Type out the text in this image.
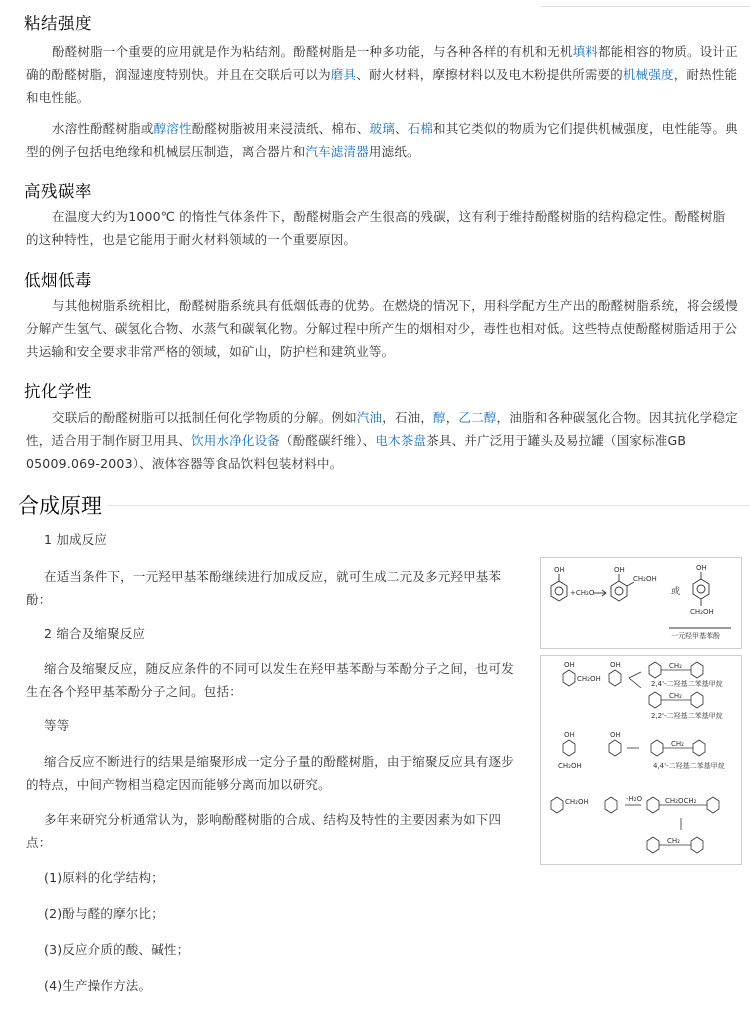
粘结强度
酚醛树脂一个重要的应用就是作为粘结剂。酚醛树脂是一种多功能，与各种各样的有机和无机填料都能相容的物质。设计正确的酚醛树脂，润湿速度特别快。并且在交联后可以为磨具、耐火材料，摩擦材料以及电木粉提供所需要的机械强度，耐热性能和电性能。
水溶性酚醛树脂或醇溶性酚醛树脂被用来浸渍纸、棉布、玻璃、石棉和其它类似的物质为它们提供机械强度，电性能等。典型的例子包括电绝缘和机械层压制造，离合器片和汽车滤清器用滤纸。
高残碳率
在温度大约为1000℃ 的惰性气体条件下，酚醛树脂会产生很高的残碳，这有利于维持酚醛树脂的结构稳定性。酚醛树脂的这种特性，也是它能用于耐火材料领域的一个重要原因。
低烟低毒
与其他树脂系统相比，酚醛树脂系统具有低烟低毒的优势。在燃烧的情况下，用科学配方生产出的酚醛树脂系统，将会缓慢分解产生氢气、碳氢化合物、水蒸气和碳氧化物。分解过程中所产生的烟相对少，毒性也相对低。这些特点使酚醛树脂适用于公共运输和安全要求非常严格的领域，如矿山，防护栏和建筑业等。
抗化学性
交联后的酚醛树脂可以抵制任何化学物质的分解。例如汽油，石油，醇，乙二醇，油脂和各种碳氢化合物。因其抗化学稳定性，适合用于制作厨卫用具、饮用水净化设备（酚醛碳纤维）、电木茶盘茶具、并广泛用于罐头及易拉罐（国家标准GB 05009.069-2003）、液体容器等食品饮料包装材料中。
合成原理
1 加成反应
在适当条件下，一元羟甲基苯酚继续进行加成反应，就可生成二元及多元羟甲基苯酚：
2 缩合及缩聚反应
缩合及缩聚反应，随反应条件的不同可以发生在羟甲基苯酚与苯酚分子之间，也可发生在各个羟甲基苯酚分子之间。包括：
等等
缩合反应不断进行的结果是缩聚形成一定分子量的酚醛树脂，由于缩聚反应具有逐步的特点，中间产物相当稳定因而能够分离而加以研究。
多年来研究分析通常认为，影响酚醛树脂的合成、结构及特性的主要因素为如下四点：
(1)原料的化学结构；
(2)酚与醛的摩尔比；
(3)反应介质的酸、碱性；
(4)生产操作方法。
OH
+CH₂O
OH
CH₂OH
或
OH
CH₂OH
一元羟甲基苯酚
OH
CH₂OH
OH	CH₂
2,4'-二羟基二苯基甲烷
CH₂
2,2'-二羟基二苯基甲烷
OH
CH₂OH
OH
CH₂
4,4'-二羟基二苯基甲烷
CH₂OH	-H₂O	CH₂OCH₂
CH₂
